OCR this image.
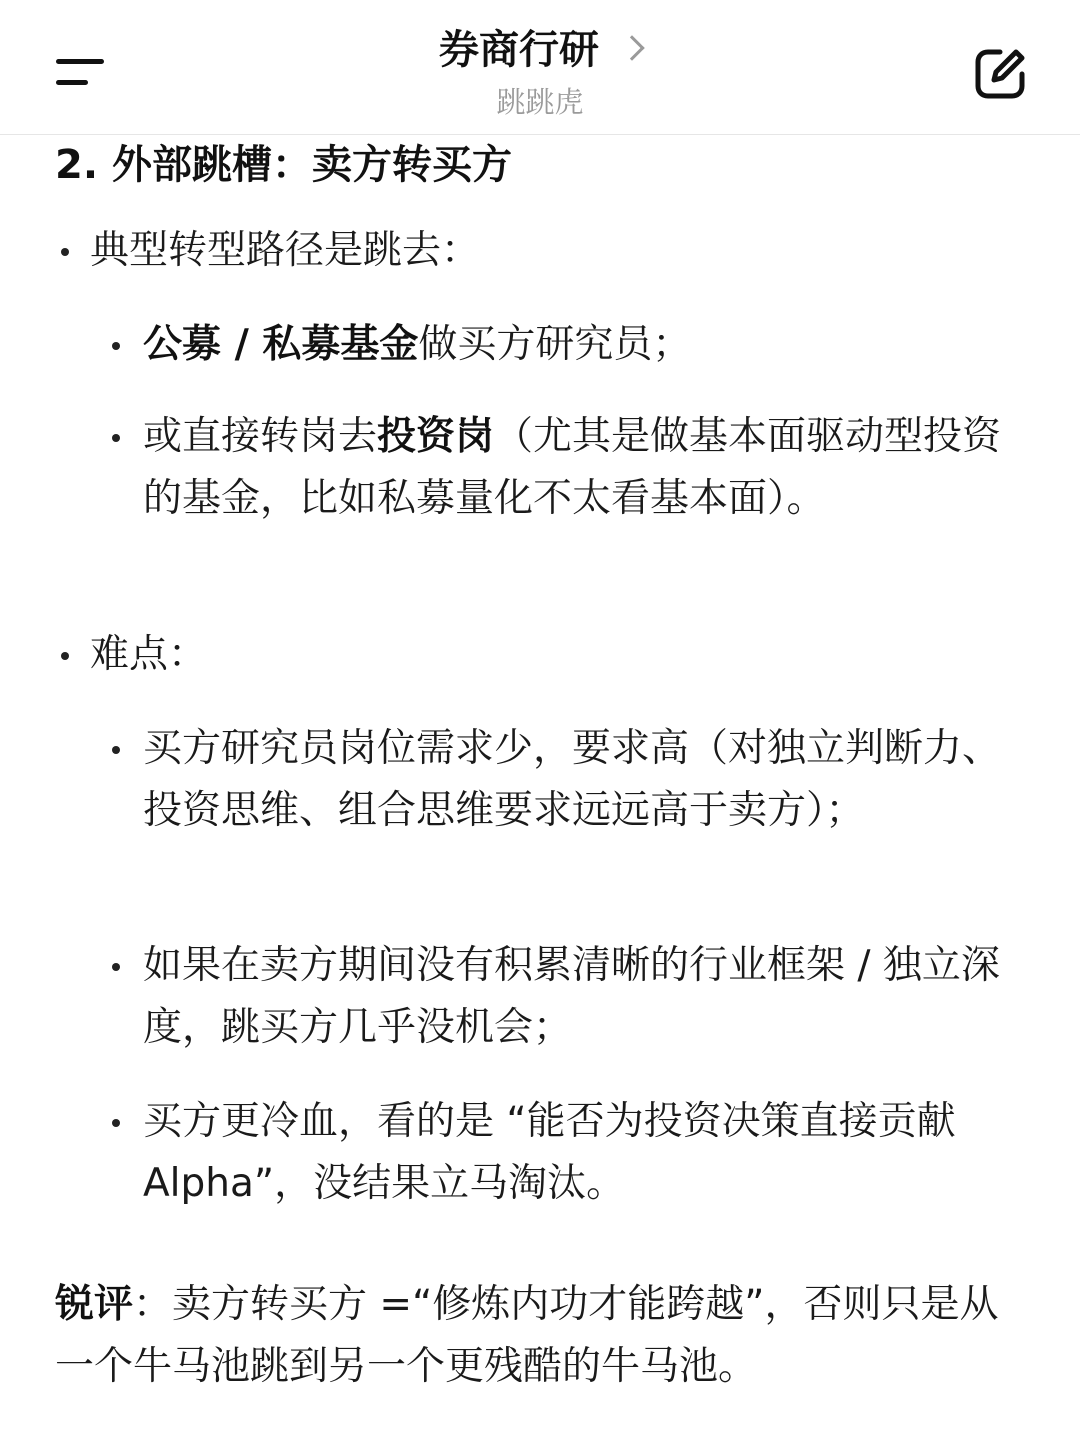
券商行研
跳跳虎
2. 外部跳槽：卖方转买方
典型转型路径是跳去：
公募 / 私募基金做买方研究员；
或直接转岗去投资岗（尤其是做基本面驱动型投资的基金，比如私募量化不太看基本面）。
难点：
买方研究员岗位需求少，要求高（对独立判断力、投资思维、组合思维要求远远高于卖方）；
如果在卖方期间没有积累清晰的行业框架 / 独立深度，跳买方几乎没机会；
买方更冷血，看的是 “能否为投资决策直接贡献 Alpha”，没结果立马淘汰。

锐评：卖方转买方 =“修炼内功才能跨越”，否则只是从一个牛马池跳到另一个更残酷的牛马池。
